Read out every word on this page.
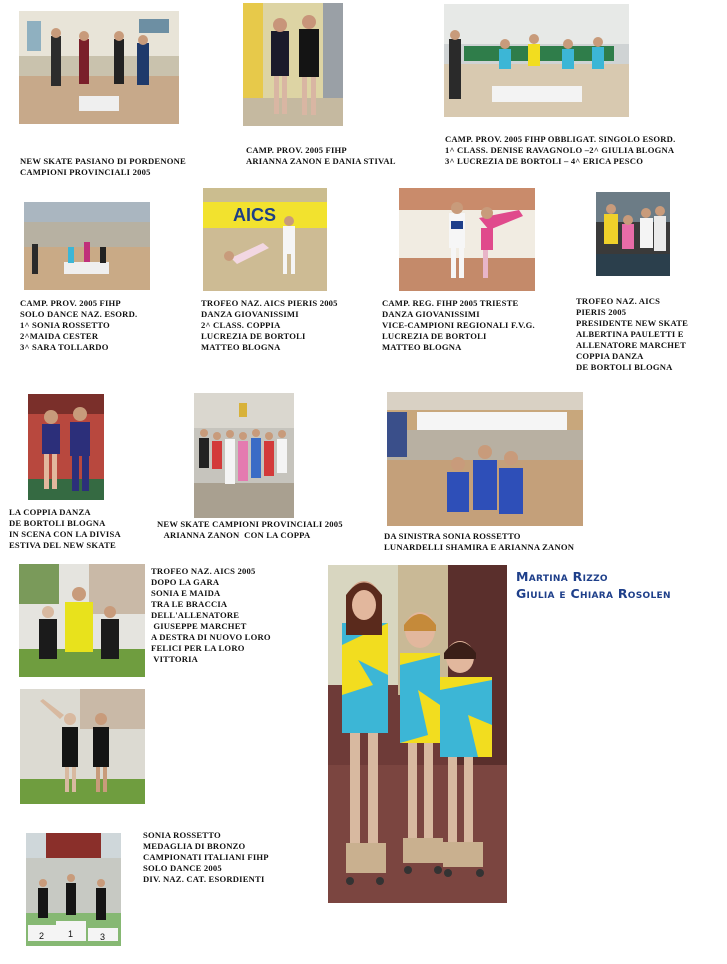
AICS
1
2	3
NEW SKATE PASIANO DI PORDENONE
CAMPIONI PROVINCIALI 2005
CAMP. PROV. 2005 FIHP
ARIANNA ZANON E DANIA STIVAL
CAMP. PROV. 2005 FIHP OBBLIGAT. SINGOLO ESORD.
1^ CLASS. DENISE RAVAGNOLO –2^ GIULIA BLOGNA
3^ LUCREZIA DE BORTOLI – 4^ ERICA PESCO
CAMP. PROV. 2005 FIHP
SOLO DANCE NAZ. ESORD.
1^ SONIA ROSSETTO
2^MAIDA CESTER
3^ SARA TOLLARDO
TROFEO NAZ. AICS PIERIS 2005
DANZA GIOVANISSIMI
2^ CLASS. COPPIA
LUCREZIA DE BORTOLI
MATTEO BLOGNA
CAMP. REG. FIHP 2005 TRIESTE
DANZA GIOVANISSIMI
VICE-CAMPIONI REGIONALI F.V.G.
LUCREZIA DE BORTOLI
MATTEO BLOGNA
TROFEO NAZ. AICS
PIERIS 2005
PRESIDENTE NEW SKATE
ALBERTINA PAULETTI E
ALLENATORE MARCHET
COPPIA DANZA
DE BORTOLI BLOGNA
LA COPPIA DANZA
DE BORTOLI BLOGNA
IN SCENA CON LA DIVISA
ESTIVA DEL NEW SKATE
NEW SKATE CAMPIONI PROVINCIALI 2005
ARIANNA ZANON  CON LA COPPA	DA SINISTRA SONIA ROSSETTO
LUNARDELLI SHAMIRA E ARIANNA ZANON
TROFEO NAZ. AICS 2005
DOPO LA GARA
SONIA E MAIDA
TRA LE BRACCIA
DELL'ALLENATORE
GIUSEPPE MARCHET
A DESTRA DI NUOVO LORO
FELICI PER LA LORO
VITTORIA
SONIA ROSSETTO
MEDAGLIA DI BRONZO
CAMPIONATI ITALIANI FIHP
SOLO DANCE 2005
DIV. NAZ. CAT. ESORDIENTI
Martina Rizzo
Giulia e Chiara Rosolen
